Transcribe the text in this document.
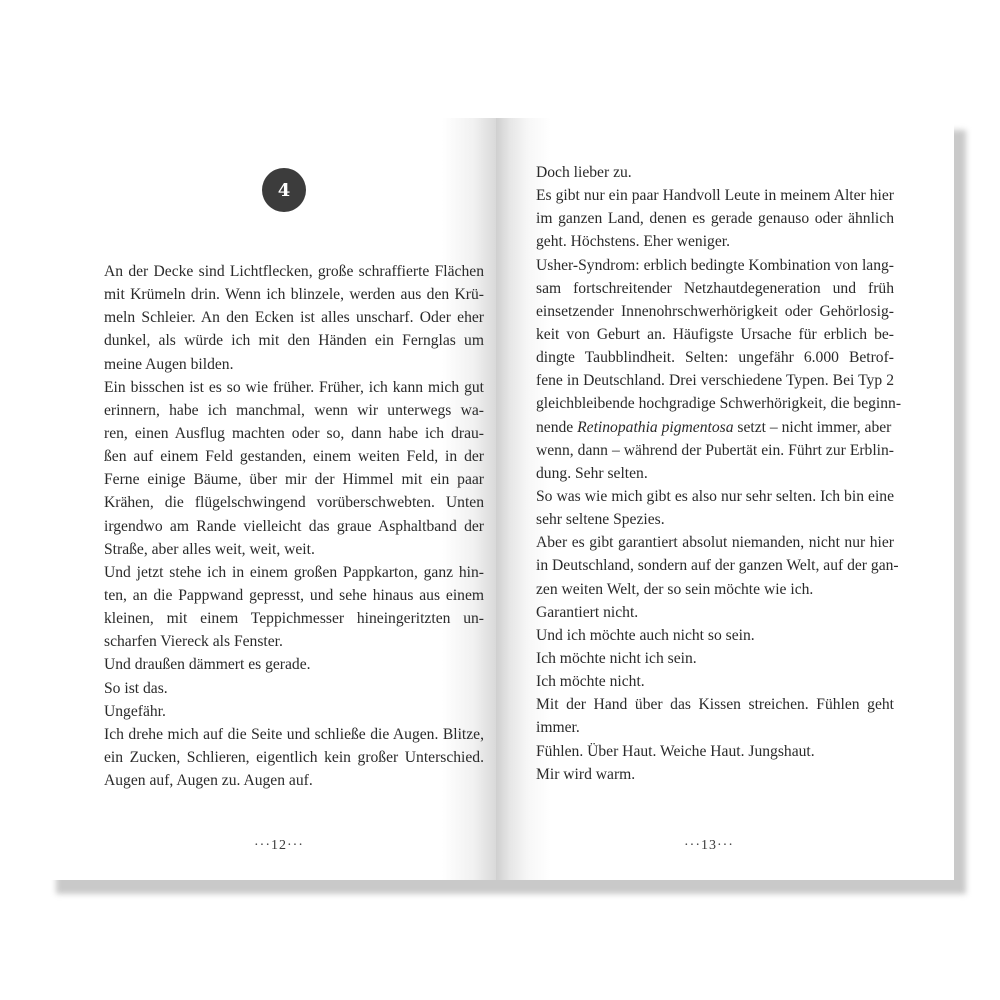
4
An der Decke sind Lichtflecken, große schraffierte Flächen
mit Krümeln drin. Wenn ich blinzele, werden aus den Krü-
meln Schleier. An den Ecken ist alles unscharf. Oder eher
dunkel, als würde ich mit den Händen ein Fernglas um
meine Augen bilden.
Ein bisschen ist es so wie früher. Früher, ich kann mich gut
erinnern, habe ich manchmal, wenn wir unterwegs wa-
ren, einen Ausflug machten oder so, dann habe ich drau-
ßen auf einem Feld gestanden, einem weiten Feld, in der
Ferne einige Bäume, über mir der Himmel mit ein paar
Krähen, die flügelschwingend vorüberschwebten. Unten
irgendwo am Rande vielleicht das graue Asphaltband der
Straße, aber alles weit, weit, weit.
Und jetzt stehe ich in einem großen Pappkarton, ganz hin-
ten, an die Pappwand gepresst, und sehe hinaus aus einem
kleinen, mit einem Teppichmesser hineingeritzten un-
scharfen Viereck als Fenster.
Und draußen dämmert es gerade.
So ist das.
Ungefähr.
Ich drehe mich auf die Seite und schließe die Augen. Blitze,
ein Zucken, Schlieren, eigentlich kein großer Unterschied.
Augen auf, Augen zu. Augen auf.
···12···
Doch lieber zu.
Es gibt nur ein paar Handvoll Leute in meinem Alter hier
im ganzen Land, denen es gerade genauso oder ähnlich
geht. Höchstens. Eher weniger.
Usher-Syndrom: erblich bedingte Kombination von lang-
sam fortschreitender Netzhautdegeneration und früh
einsetzender Innenohrschwerhörigkeit oder Gehörlosig-
keit von Geburt an. Häufigste Ursache für erblich be-
dingte Taubblindheit. Selten: ungefähr 6.000 Betrof-
fene in Deutschland. Drei verschiedene Typen. Bei Typ 2
gleichbleibende hochgradige Schwerhörigkeit, die beginn-
nende Retinopathia pigmentosa setzt – nicht immer, aber
wenn, dann – während der Pubertät ein. Führt zur Erblin-
dung. Sehr selten.
So was wie mich gibt es also nur sehr selten. Ich bin eine
sehr seltene Spezies.
Aber es gibt garantiert absolut niemanden, nicht nur hier
in Deutschland, sondern auf der ganzen Welt, auf der gan-
zen weiten Welt, der so sein möchte wie ich.
Garantiert nicht.
Und ich möchte auch nicht so sein.
Ich möchte nicht ich sein.
Ich möchte nicht.
Mit der Hand über das Kissen streichen. Fühlen geht
immer.
Fühlen. Über Haut. Weiche Haut. Jungshaut.
Mir wird warm.
···13···
